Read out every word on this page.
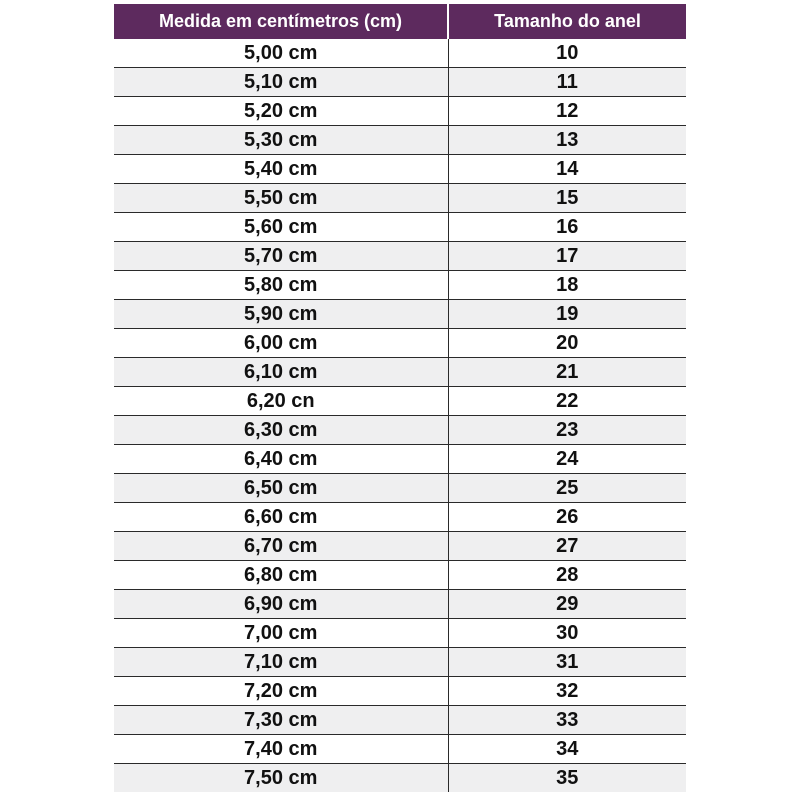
Medida em centímetros (cm)	Tamanho do anel
5,00 cm	10
5,10 cm	11
5,20 cm	12
5,30 cm	13
5,40 cm	14
5,50 cm	15
5,60 cm	16
5,70 cm	17
5,80 cm	18
5,90 cm	19
6,00 cm	20
6,10 cm	21
6,20 cn	22
6,30 cm	23
6,40 cm	24
6,50 cm	25
6,60 cm	26
6,70 cm	27
6,80 cm	28
6,90 cm	29
7,00 cm	30
7,10 cm	31
7,20 cm	32
7,30 cm	33
7,40 cm	34
7,50 cm	35
